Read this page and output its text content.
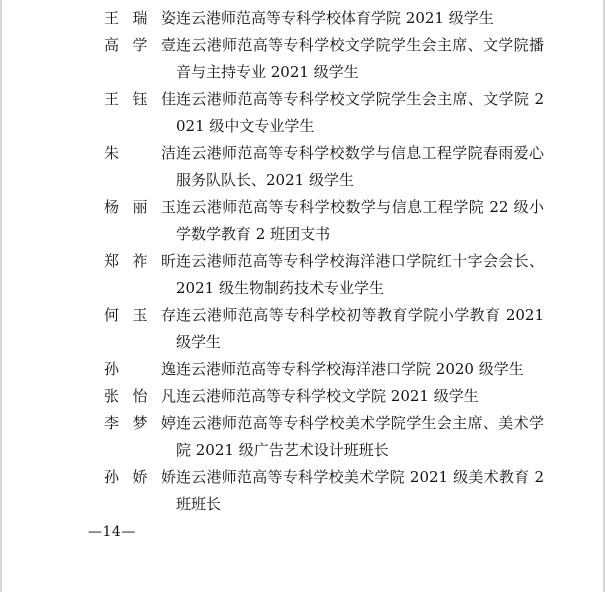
王瑞姿 连云港师范高等专科学校体育学院 2021 级学生
高学壹 连云港师范高等专科学校文学院学生会主席、文学院播音与主持专业 2021 级学生
王钰佳 连云港师范高等专科学校文学院学生会主席、文学院 2021 级中文专业学生
朱　洁 连云港师范高等专科学校数学与信息工程学院春雨爱心服务队队长、2021 级学生
杨丽玉 连云港师范高等专科学校数学与信息工程学院 22 级小学数学教育 2 班团支书
郑祚昕 连云港师范高等专科学校海洋港口学院红十字会会长、2021 级生物制药技术专业学生
何玉存 连云港师范高等专科学校初等教育学院小学教育 2021 级学生
孙　逸 连云港师范高等专科学校海洋港口学院 2020 级学生
张怡凡 连云港师范高等专科学校文学院 2021 级学生
李梦婷 连云港师范高等专科学校美术学院学生会主席、美术学院 2021 级广告艺术设计班班长
孙娇娇 连云港师范高等专科学校美术学院 2021 级美术教育 2 班班长
—14—
